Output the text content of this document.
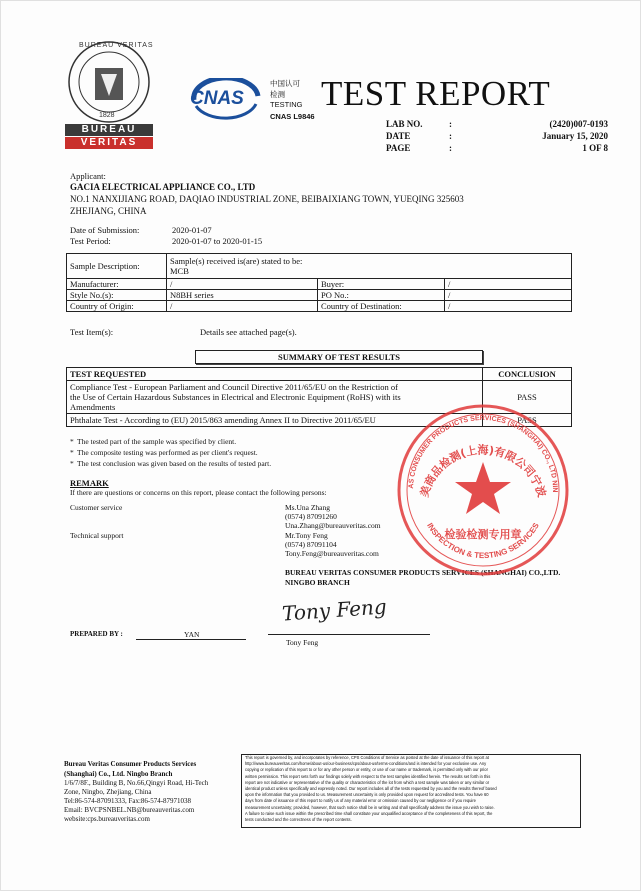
BUREAU VERITAS
1828
BUREAU
VERITAS
CNAS
中国认可
检测
TESTING
CNAS L9846
TEST REPORT
LAB NO.	:	(2420)007-0193
DATE	:	January 15, 2020
PAGE	:	1 OF 8
Applicant:
GACIA ELECTRICAL APPLIANCE CO., LTD
NO.1 NANXIJIANG ROAD, DAQIAO INDUSTRIAL ZONE, BEIBAIXIANG TOWN, YUEQING 325603
ZHEJIANG, CHINA
Date of Submission:	2020-01-07
Test Period:	2020-01-07 to 2020-01-15
Sample Description:	Sample(s) received is(are) stated to be:
MCB		

Manufacturer:	/	Buyer:	/
Style No.(s):	N8BH series	PO No.:	/
Country of Origin:	/	Country of Destination:	/
Test Item(s):	Details see attached page(s).
SUMMARY OF TEST RESULTS
TEST REQUESTED	CONCLUSION

Compliance Test - European Parliament and Council Directive 2011/65/EU on the Restriction of
the Use of Certain Hazardous Substances in Electrical and Electronic Equipment (RoHS) with its
Amendments	PASS

Phthalate Test - According to (EU) 2015/863 amending Annex II to Directive 2011/65/EU	PASS
* The tested part of the sample was specified by client.
* The composite testing was performed as per client's request.
* The test conclusion was given based on the results of tested part.
REMARK
If there are questions or concerns on this report, please contact the following persons:
Customer service	Ms.Una Zhang
(0574) 87091260
Una.Zhang@bureauveritas.com
Technical support	Mr.Tony Feng
(0574) 87091104
Tony.Feng@bureauveritas.com
BUREAU VERITAS CONSUMER PRODUCTS SERVICES (SHANGHAI) CO.,LTD.
NINGBO BRANCH
AS CONSUMER PRODUCTS SERVICES (SHANGHAI) CO., LTD NIN
美商品检测(上海)有限公司宁波
检验检测专用章
INSPECTION & TESTING SERVICES
PREPARED BY :	YAN
Tony Feng
Tony Feng
Bureau Veritas Consumer Products Services
(Shanghai) Co., Ltd. Ningbo Branch
1/6/7/8F., Building B, No.66,Qingyi Road, Hi-Tech
Zone, Ningbo, Zhejiang, China
Tel:86-574-87091333, Fax:86-574-87971038
Email: BVCPSNBEL.NB@bureauveritas.com
website:cps.bureauveritas.com
This report is governed by, and incorporates by reference, CPS Conditions of Service as posted at the date of issuance of this report at
http://www.bureauveritas.com/home/about-us/our-business/cps/about-us/terms-conditions/and is intended for your exclusive use. Any
copying or replication of this report to or for any other person or entity, or use of our name or trademark, is permitted only with our prior
written permission. This report sets forth our findings solely with respect to the test samples identified herein. The results set forth in this
report are not indicative or representative of the quality or characteristics of the lot from which a test sample was taken or any similar or
identical product unless specifically and expressly noted. Our report includes all of the tests requested by you and the results thereof based
upon the information that you provided to us. Measurement uncertainty is only provided upon request for accredited tests. You have 60
days from date of issuance of this report to notify us of any material error or omission caused by our negligence or if you require
measurement uncertainty; provided, however, that such notice shall be in writing and shall specifically address the issue you wish to raise.
A failure to raise such issue within the prescribed time shall constitute your unqualified acceptance of the completeness of this report, the
tests conducted and the correctness of the report contents.
